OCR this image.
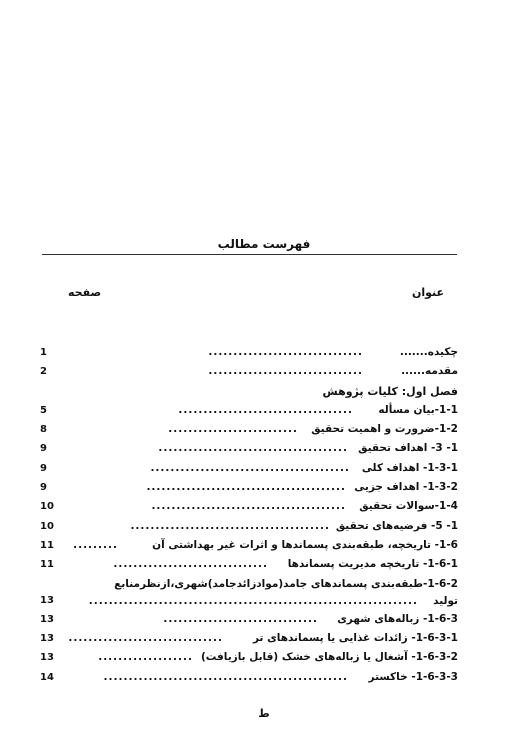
فهرست مطالب
عنوان
صفحه
چکیده.......
...............................
1
مقدمه......
...............................
2
فصل اول: کلیات پژوهش
1-1-بیان مسأله
...................................
5
1-2-ضرورت و اهمیت تحقیق
..........................
8
1- 3- اهداف تحقیق
......................................
9
1-3-1- اهداف کلی
........................................
9
1-3-2- اهداف جزیی
........................................
9
1-4-سوالات تحقیق
.......................................
10
1- 5- فرضیه‌های تحقیق
........................................
10
1-6- تاریخچه، طبقه‌بندی پسماندها و اثرات غیر بهداشتی آن
.........
11
1-6-1- تاریخچه مدیریت پسماندها
...............................
11
1-6-2-طبقه‌بندی پسماندهای جامد(موادزائدجامد)شهری،ازنظرمنابع
تولید
..................................................................
13
1-6-3- زباله‌های شهری
...............................
13
1-6-3-1- زائدات غذایی یا پسماندهای تر
...............................
13
1-6-3-2- آشغال یا زباله‌های خشک (قابل بازیافت)
...................
13
1-6-3-3- خاکستر
.................................................
14
ط
